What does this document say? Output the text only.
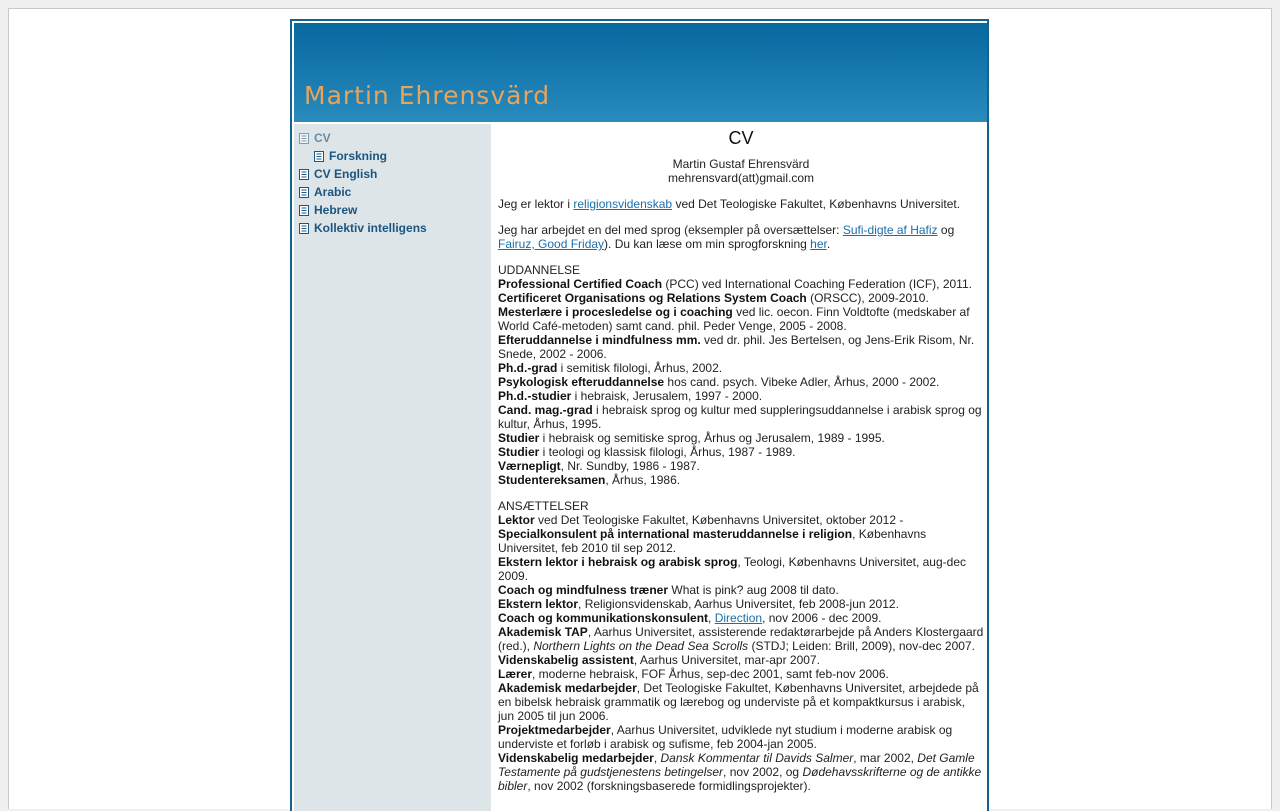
Martin Ehrensvärd
CV
Forskning
CV English
Arabic
Hebrew
Kollektiv intelligens
CV

Martin Gustaf Ehrensvärd

mehrensvard(att)gmail.com

Jeg er lektor i religionsvidenskab ved Det Teologiske Fakultet, Københavns Universitet.

Jeg har arbejdet en del med sprog (eksempler på oversættelser: Sufi-digte af Hafiz og Fairuz, Good Friday). Du kan læse om min sprogforskning her.

UDDANNELSE

Professional Certified Coach (PCC) ved International Coaching Federation (ICF), 2011.

Certificeret Organisations og Relations System Coach (ORSCC), 2009-2010.

Mesterlære i procesledelse og i coaching ved lic. oecon. Finn Voldtofte (medskaber af World Café-metoden) samt cand. phil. Peder Venge, 2005 - 2008.

Efteruddannelse i mindfulness mm. ved dr. phil. Jes Bertelsen, og Jens-Erik Risom, Nr. Snede, 2002 - 2006.

Ph.d.-grad i semitisk filologi, Århus, 2002.

Psykologisk efteruddannelse hos cand. psych. Vibeke Adler, Århus, 2000 - 2002.

Ph.d.-studier i hebraisk, Jerusalem, 1997 - 2000.

Cand. mag.-grad i hebraisk sprog og kultur med suppleringsuddannelse i arabisk sprog og kultur, Århus, 1995.

Studier i hebraisk og semitiske sprog, Århus og Jerusalem, 1989 - 1995.

Studier i teologi og klassisk filologi, Århus, 1987 - 1989.

Værnepligt, Nr. Sundby, 1986 - 1987.

Studentereksamen, Århus, 1986.

ANSÆTTELSER

Lektor ved Det Teologiske Fakultet, Københavns Universitet, oktober 2012 -

Specialkonsulent på international masteruddannelse i religion, Københavns Universitet, feb 2010 til sep 2012.

Ekstern lektor i hebraisk og arabisk sprog, Teologi, Københavns Universitet, aug-dec 2009.

Coach og mindfulness træner What is pink? aug 2008 til dato.

Ekstern lektor, Religionsvidenskab, Aarhus Universitet, feb 2008-jun 2012.

Coach og kommunikationskonsulent, Direction, nov 2006 - dec 2009.

Akademisk TAP, Aarhus Universitet, assisterende redaktørarbejde på Anders Klostergaard (red.), Northern Lights on the Dead Sea Scrolls (STDJ; Leiden: Brill, 2009), nov-dec 2007.

Videnskabelig assistent, Aarhus Universitet, mar-apr 2007.

Lærer, moderne hebraisk, FOF Århus, sep-dec 2001, samt feb-nov 2006.

Akademisk medarbejder, Det Teologiske Fakultet, Københavns Universitet, arbejdede på en bibelsk hebraisk grammatik og lærebog og underviste på et kompaktkursus i arabisk, jun 2005 til jun 2006.

Projektmedarbejder, Aarhus Universitet, udviklede nyt studium i moderne arabisk og underviste et forløb i arabisk og sufisme, feb 2004-jan 2005.

Videnskabelig medarbejder, Dansk Kommentar til Davids Salmer, mar 2002, Det Gamle Testamente på gudstjenestens betingelser, nov 2002, og Dødehavsskrifterne og de antikke bibler, nov 2002 (forskningsbaserede formidlingsprojekter).
